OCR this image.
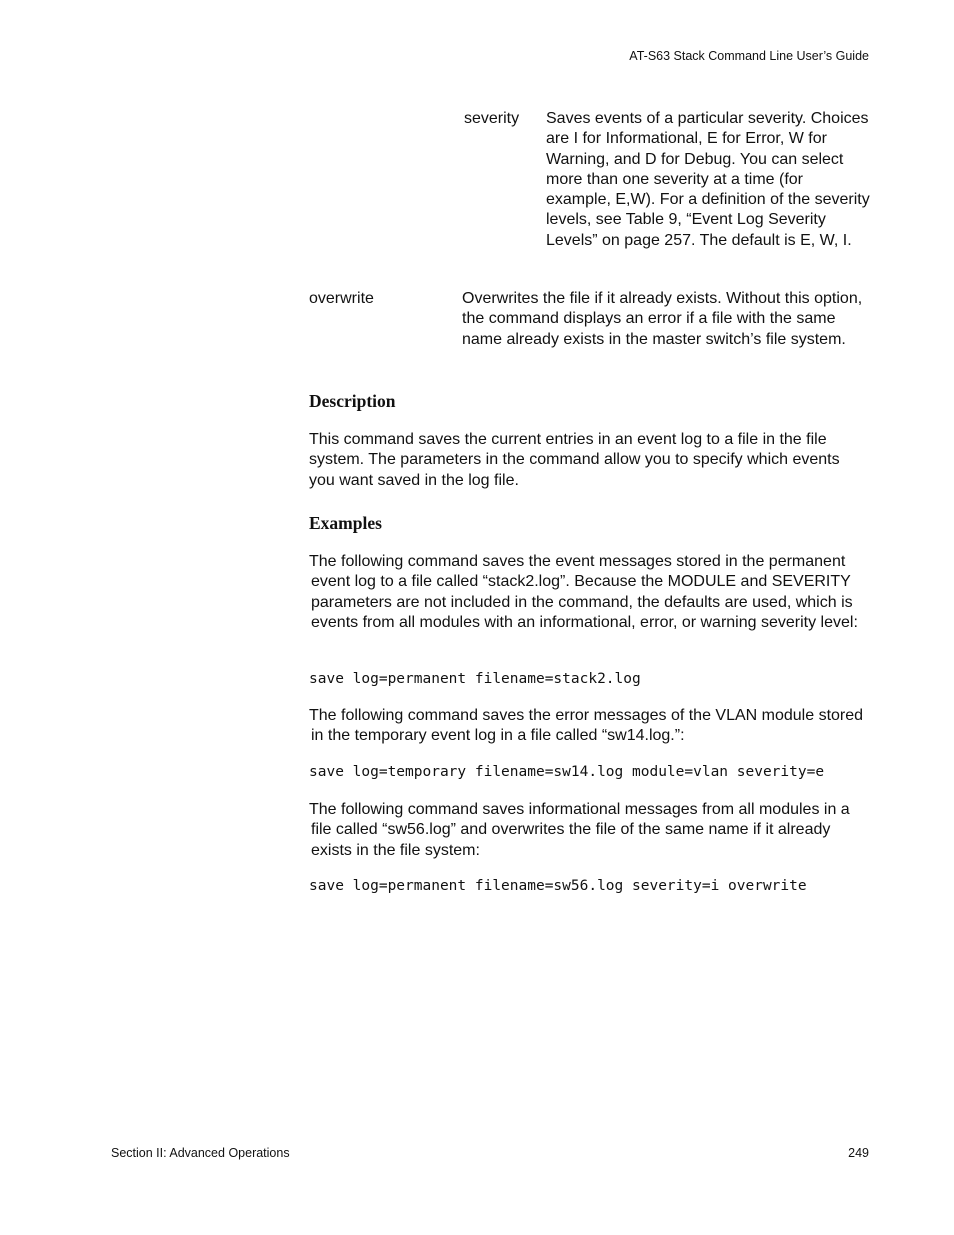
AT-S63 Stack Command Line User’s Guide
severity Saves events of a particular severity. Choices are I for Informational, E for Error, W for Warning, and D for Debug. You can select more than one severity at a time (for example, E,W). For a definition of the severity levels, see Table 9, “Event Log Severity Levels” on page 257. The default is E, W, I.
overwrite	Overwrites the file if it already exists. Without this option, the command displays an error if a file with the same name already exists in the master switch’s file system.
Description
This command saves the current entries in an event log to a file in the file system. The parameters in the command allow you to specify which events you want saved in the log file.
Examples
The following command saves the event messages stored in the permanent event log to a file called “stack2.log”. Because the MODULE and SEVERITY parameters are not included in the command, the defaults are used, which is events from all modules with an informational, error, or warning severity level:
save log=permanent filename=stack2.log
The following command saves the error messages of the VLAN module stored in the temporary event log in a file called “sw14.log.”:
save log=temporary filename=sw14.log module=vlan severity=e
The following command saves informational messages from all modules in a file called “sw56.log” and overwrites the file of the same name if it already exists in the file system:
save log=permanent filename=sw56.log severity=i overwrite
Section II: Advanced Operations	249
